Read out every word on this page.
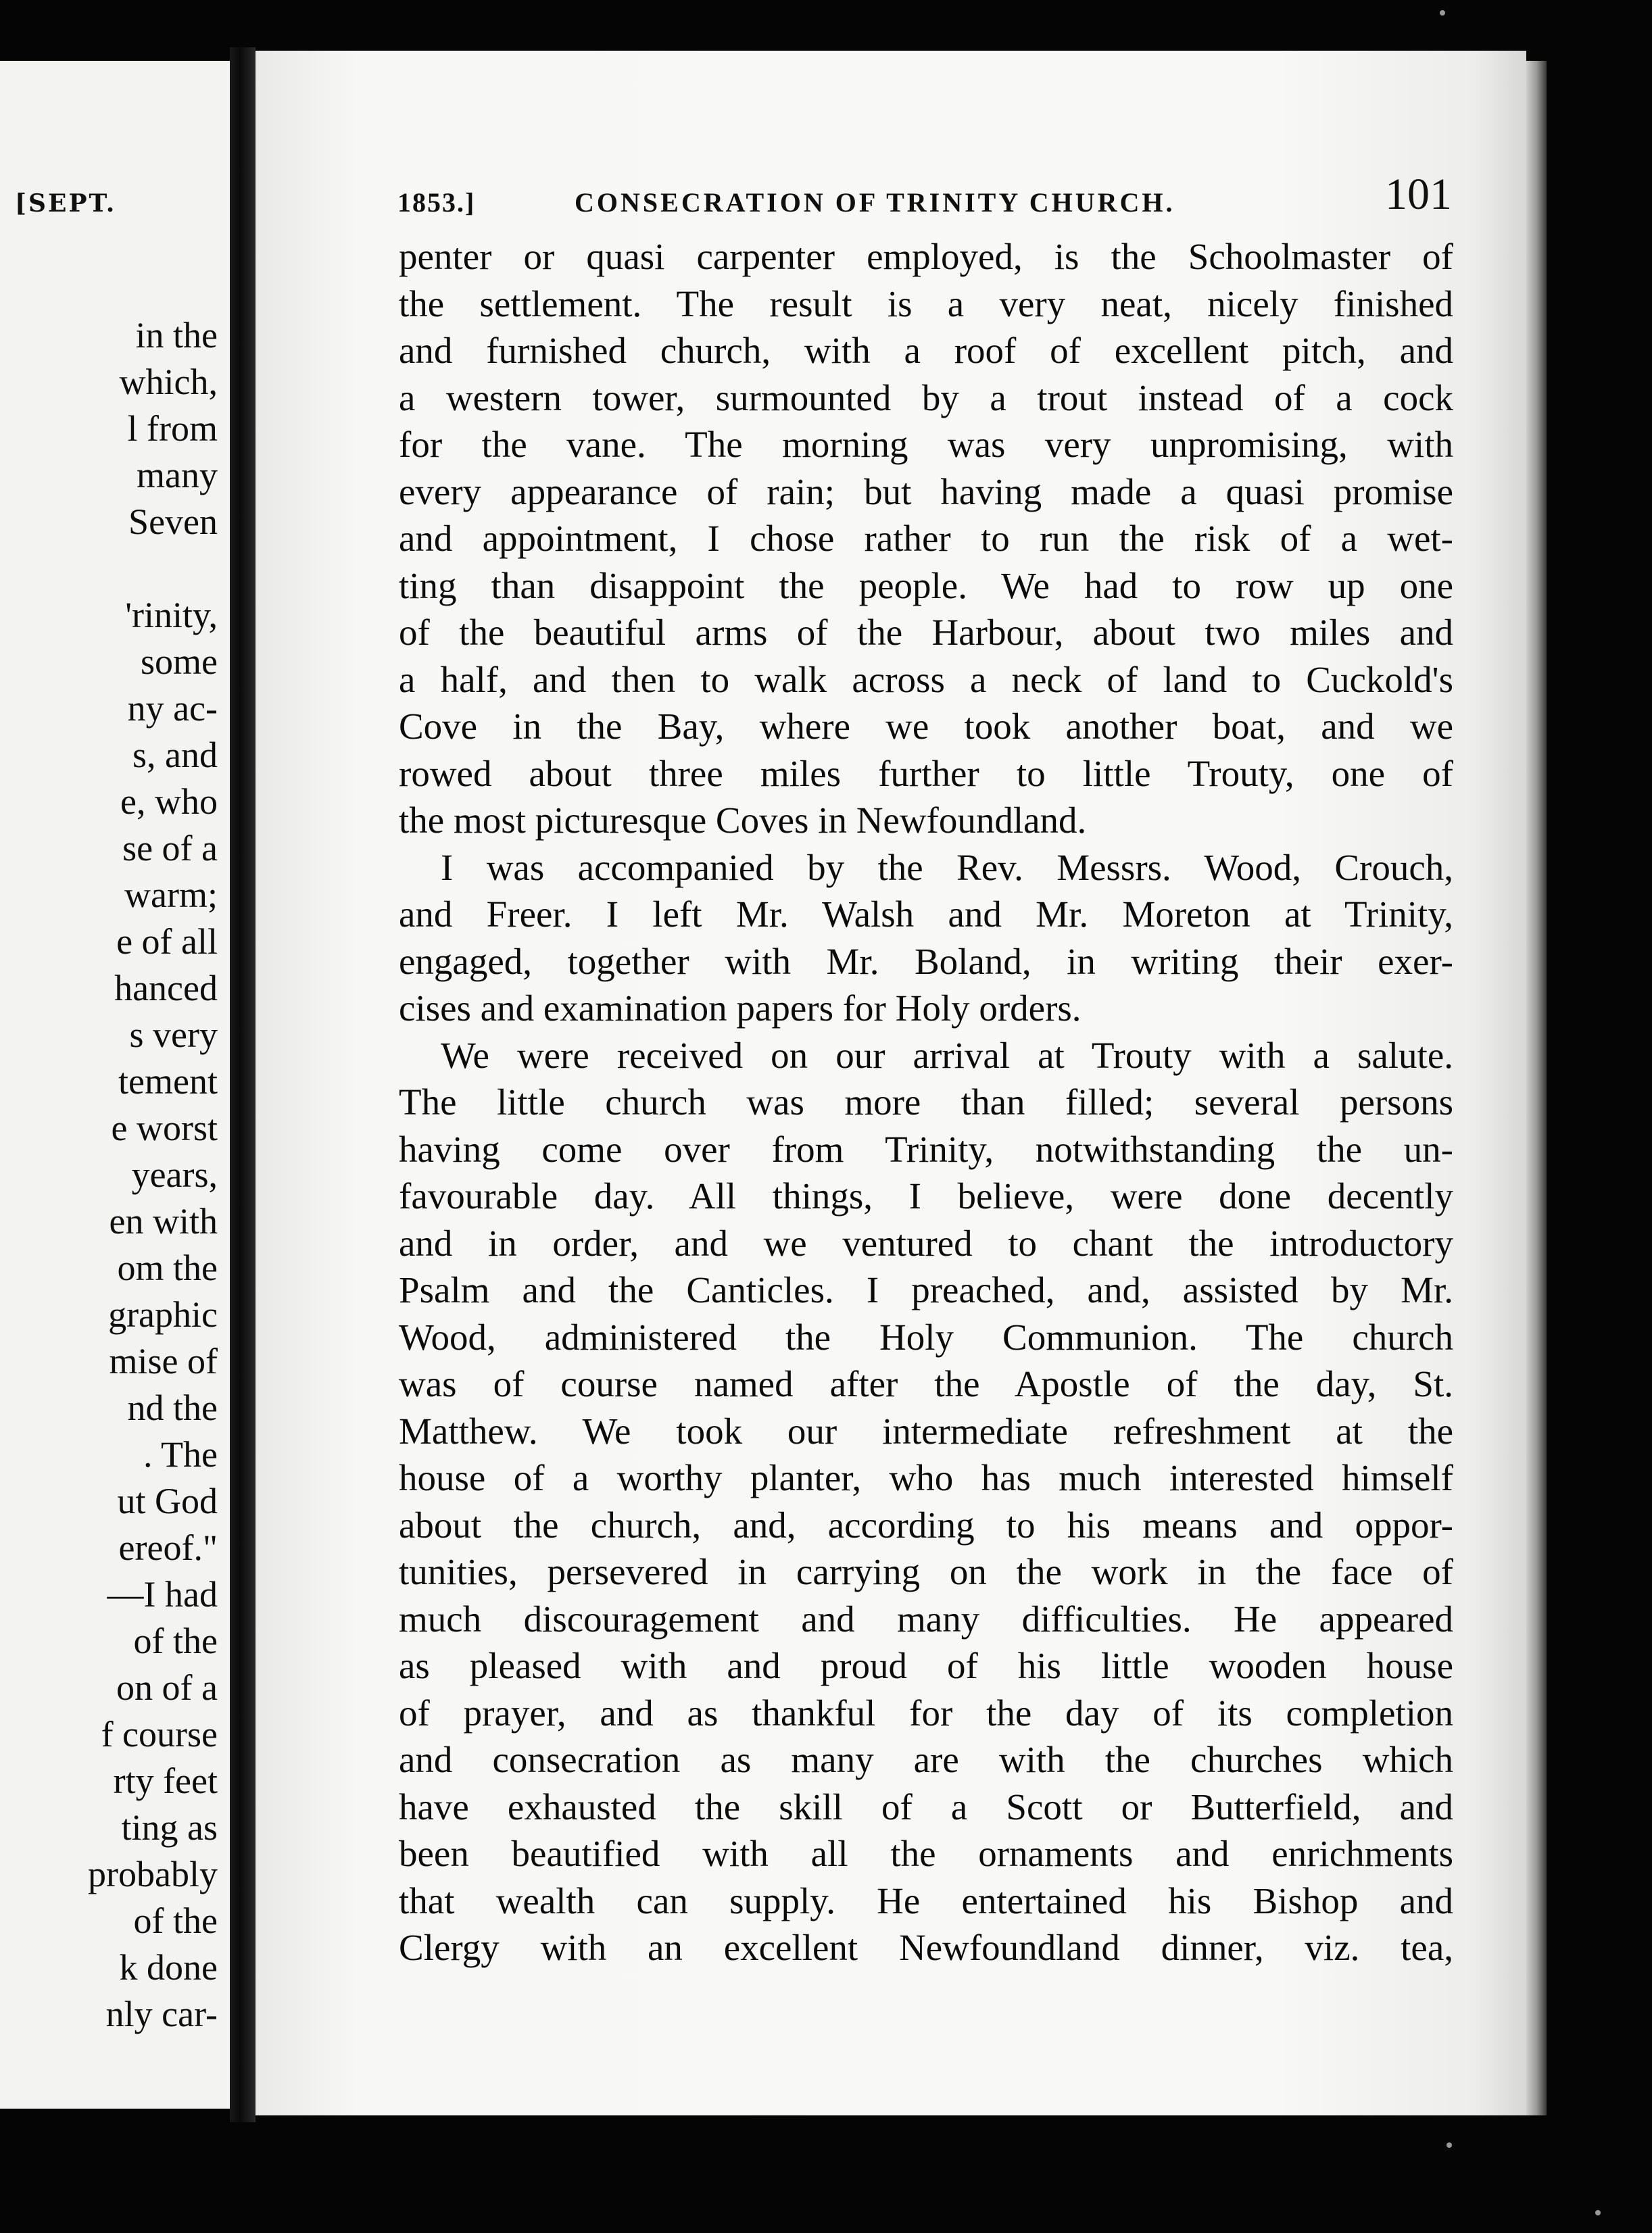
[SEPT.
in the
which,
l from
many
Seven

'rinity,
some
ny ac-
s, and
e, who
se of a
warm;
e of all
hanced
s very
tement
e worst
years,
en with
om the
graphic
mise of
nd the
. The
ut God
ereof."
—I had
of the
on of a
f course
rty feet
ting as
probably
of the
k done
nly car-
1853.]	CONSECRATION OF TRINITY CHURCH.	101
penter or quasi carpenter employed, is the Schoolmaster of
the settlement. The result is a very neat, nicely finished
and furnished church, with a roof of excellent pitch, and
a western tower, surmounted by a trout instead of a cock
for the vane. The morning was very unpromising, with
every appearance of rain; but having made a quasi promise
and appointment, I chose rather to run the risk of a wet-
ting than disappoint the people. We had to row up one
of the beautiful arms of the Harbour, about two miles and
a half, and then to walk across a neck of land to Cuckold's
Cove in the Bay, where we took another boat, and we
rowed about three miles further to little Trouty, one of
the most picturesque Coves in Newfoundland.
I was accompanied by the Rev. Messrs. Wood, Crouch,
and Freer. I left Mr. Walsh and Mr. Moreton at Trinity,
engaged, together with Mr. Boland, in writing their exer-
cises and examination papers for Holy orders.
We were received on our arrival at Trouty with a salute.
The little church was more than filled; several persons
having come over from Trinity, notwithstanding the un-
favourable day. All things, I believe, were done decently
and in order, and we ventured to chant the introductory
Psalm and the Canticles. I preached, and, assisted by Mr.
Wood, administered the Holy Communion. The church
was of course named after the Apostle of the day, St.
Matthew. We took our intermediate refreshment at the
house of a worthy planter, who has much interested himself
about the church, and, according to his means and oppor-
tunities, persevered in carrying on the work in the face of
much discouragement and many difficulties. He appeared
as pleased with and proud of his little wooden house
of prayer, and as thankful for the day of its completion
and consecration as many are with the churches which
have exhausted the skill of a Scott or Butterfield, and
been beautified with all the ornaments and enrichments
that wealth can supply. He entertained his Bishop and
Clergy with an excellent Newfoundland dinner, viz. tea,
